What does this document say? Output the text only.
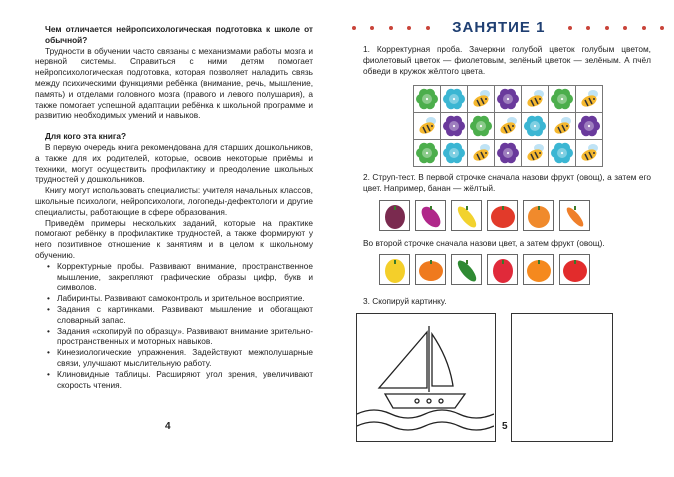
Чем отличается нейропсихологическая подготовка к школе от обычной?

Трудности в обучении часто связаны с механизмами работы мозга и нервной системы. Справиться с ними детям помогает нейропсихологическая подготовка, которая позволяет наладить связь между психическими функциями ребёнка (внимание, речь, мышление, память) и отделами головного мозга (правого и левого полушария), а также помогает успешной адаптации ребёнка к школьной программе и развитию необходимых умений и навыков.

Для кого эта книга?

В первую очередь книга рекомендована для старших дошкольников, а также для их родителей, которые, освоив некоторые приёмы и техники, могут осуществить профилактику и преодоление школьных трудностей у дошкольников.

Книгу могут использовать специалисты: учителя начальных классов, школьные психологи, нейропсихологи, логопеды-дефектологи и другие специалисты, работающие в сфере образования.

Приведём примеры нескольких заданий, которые на практике помогают ребёнку в профилактике трудностей, а также формируют у него позитивное отношение к занятиям и в целом к школьному обучению.

• Корректурные пробы. Развивают внимание, пространственное мышление, закрепляют графические образы цифр, букв и символов.
• Лабиринты. Развивают самоконтроль и зрительное восприятие.
• Задания с картинками. Развивают мышление и обогащают словарный запас.
• Задания «скопируй по образцу». Развивают внимание зрительно-пространственных и моторных навыков.
• Кинезиологические упражнения. Задействуют межполушарные связи, улучшают мыслительную работу.
• Клиновидные таблицы. Расширяют угол зрения, увеличивают скорость чтения.
4
ЗАНЯТИЕ 1
1. Корректурная проба. Зачеркни голубой цветок голубым цветом, фиолетовый цветок — фиолетовым, зелёный цветок — зелёным. А пчёл обведи в кружок жёлтого цвета.
2. Струп-тест. В первой строчке сначала назови фрукт (овощ), а затем его цвет. Например, банан — жёлтый.
Во второй строчке сначала назови цвет, а затем фрукт (овощ).
3. Скопируй картинку.
5
